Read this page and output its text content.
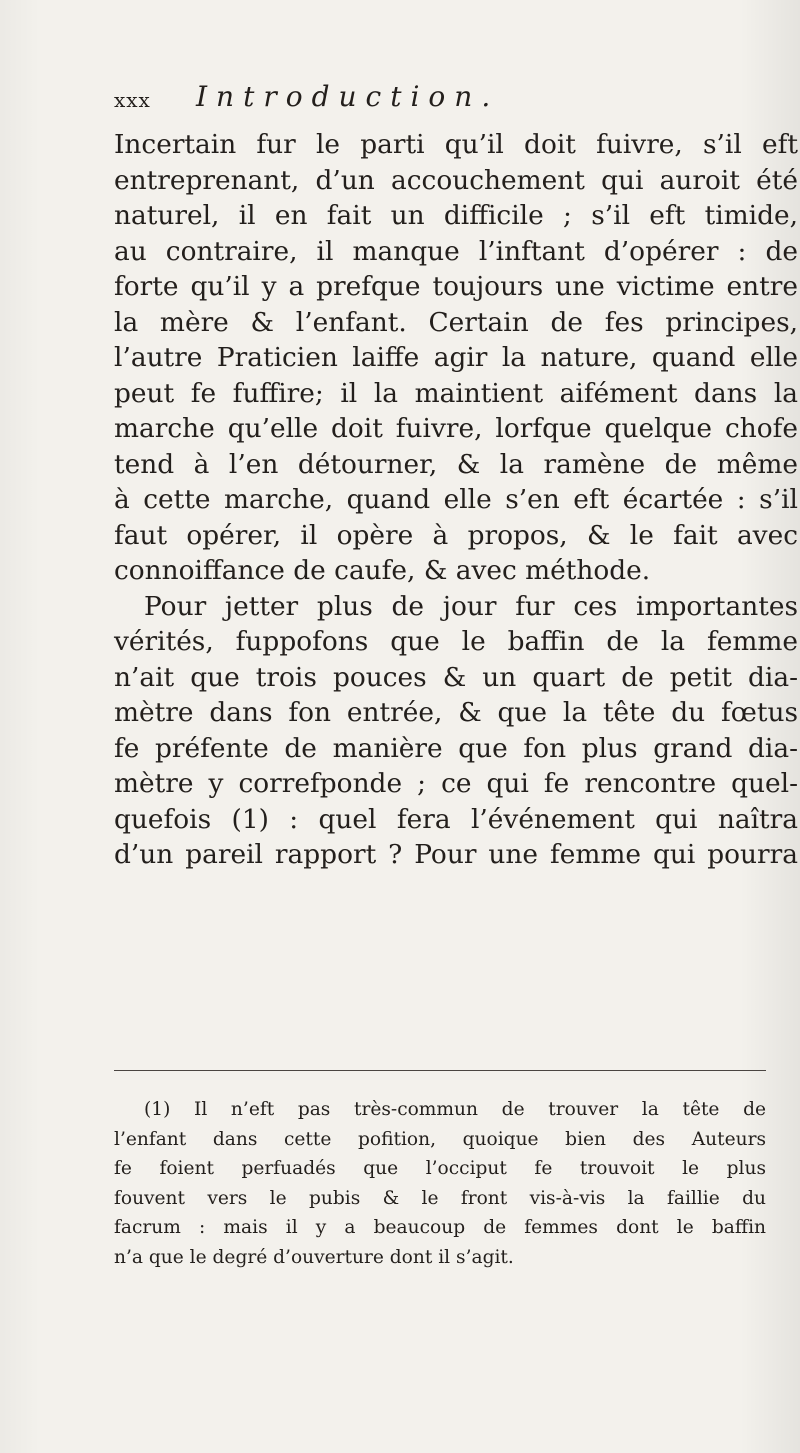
xxx Introduction.
Incertain fur le parti qu’il doit fuivre, s’il eft
entreprenant, d’un accouchement qui auroit été
naturel, il en fait un difficile ; s’il eft timide,
au contraire, il manque l’inftant d’opérer : de
forte qu’il y a prefque toujours une victime entre
la mère & l’enfant. Certain de fes principes,
l’autre Praticien laiffe agir la nature, quand elle
peut fe fuffire; il la maintient aifément dans la
marche qu’elle doit fuivre, lorfque quelque chofe
tend à l’en détourner, & la ramène de même
à cette marche, quand elle s’en eft écartée : s’il
faut opérer, il opère à propos, & le fait avec
connoiffance de caufe, & avec méthode.
Pour jetter plus de jour fur ces importantes
vérités, fuppofons que le baffin de la femme
n’ait que trois pouces & un quart de petit dia-
mètre dans fon entrée, & que la tête du fœtus
fe préfente de manière que fon plus grand dia-
mètre y correfponde ; ce qui fe rencontre quel-
quefois (1) : quel fera l’événement qui naîtra
d’un pareil rapport ? Pour une femme qui pourra
(1) Il n’eft pas très-commun de trouver la tête de
l’enfant dans cette pofition, quoique bien des Auteurs
fe foient perfuadés que l’occiput fe trouvoit le plus
fouvent vers le pubis & le front vis-à-vis la faillie du
facrum : mais il y a beaucoup de femmes dont le baffin
n’a que le degré d’ouverture dont il s’agit.
